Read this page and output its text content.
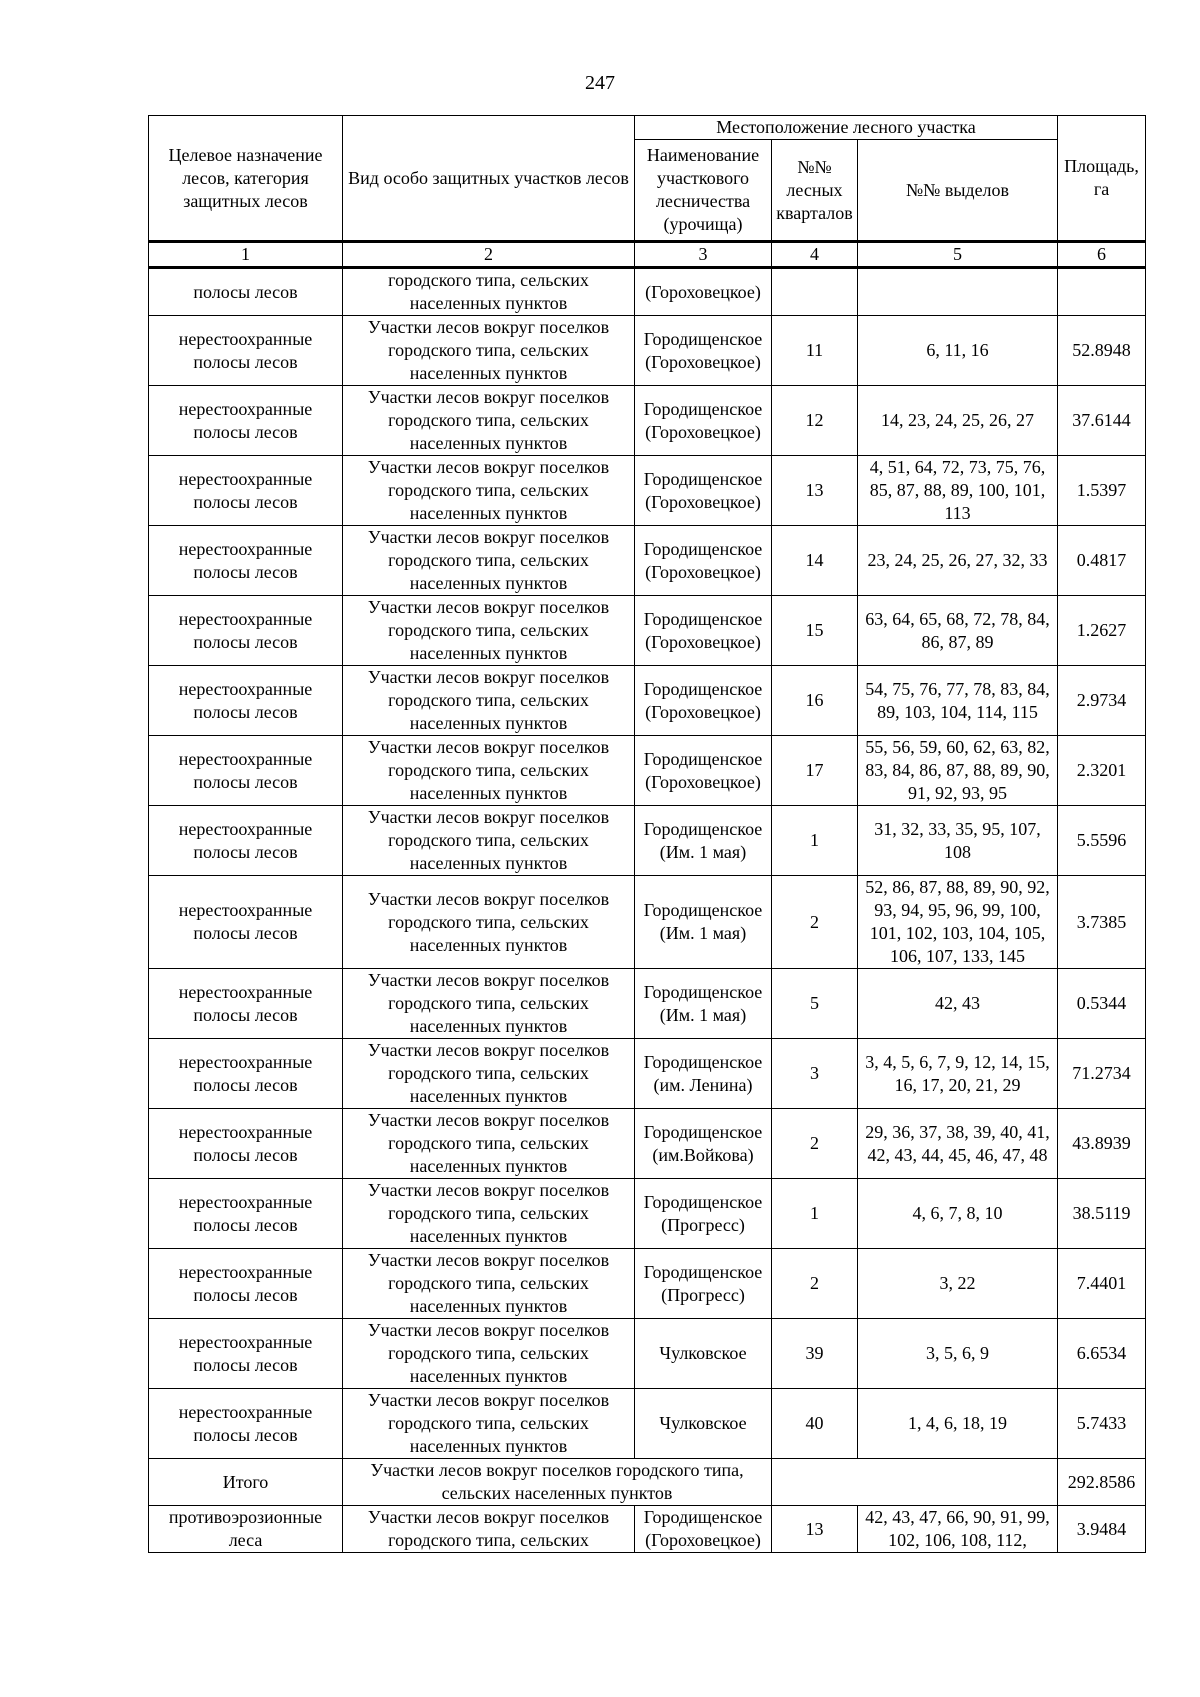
247
Целевое назначение лесов, категория защитных лесов	Вид особо защитных участков лесов	Местоположение лесного участка			Площадь, га
		Наименование участкового лесничества (урочища)	№№ лесных кварталов	№№ выделов	
1	2	3	4	5	6
полосы лесов	городского типа, сельских населенных пунктов	(Гороховецкое)			
нерестоохранные полосы лесов	Участки лесов вокруг поселков городского типа, сельских населенных пунктов	Городищенское (Гороховецкое)	11	6, 11, 16	52.8948
нерестоохранные полосы лесов	Участки лесов вокруг поселков городского типа, сельских населенных пунктов	Городищенское (Гороховецкое)	12	14, 23, 24, 25, 26, 27	37.6144
нерестоохранные полосы лесов	Участки лесов вокруг поселков городского типа, сельских населенных пунктов	Городищенское (Гороховецкое)	13	4, 51, 64, 72, 73, 75, 76, 85, 87, 88, 89, 100, 101, 113	1.5397
нерестоохранные полосы лесов	Участки лесов вокруг поселков городского типа, сельских населенных пунктов	Городищенское (Гороховецкое)	14	23, 24, 25, 26, 27, 32, 33	0.4817
нерестоохранные полосы лесов	Участки лесов вокруг поселков городского типа, сельских населенных пунктов	Городищенское (Гороховецкое)	15	63, 64, 65, 68, 72, 78, 84, 86, 87, 89	1.2627
нерестоохранные полосы лесов	Участки лесов вокруг поселков городского типа, сельских населенных пунктов	Городищенское (Гороховецкое)	16	54, 75, 76, 77, 78, 83, 84, 89, 103, 104, 114, 115	2.9734
нерестоохранные полосы лесов	Участки лесов вокруг поселков городского типа, сельских населенных пунктов	Городищенское (Гороховецкое)	17	55, 56, 59, 60, 62, 63, 82, 83, 84, 86, 87, 88, 89, 90, 91, 92, 93, 95	2.3201
нерестоохранные полосы лесов	Участки лесов вокруг поселков городского типа, сельских населенных пунктов	Городищенское (Им. 1 мая)	1	31, 32, 33, 35, 95, 107, 108	5.5596
нерестоохранные полосы лесов	Участки лесов вокруг поселков городского типа, сельских населенных пунктов	Городищенское (Им. 1 мая)	2	52, 86, 87, 88, 89, 90, 92, 93, 94, 95, 96, 99, 100, 101, 102, 103, 104, 105, 106, 107, 133, 145	3.7385
нерестоохранные полосы лесов	Участки лесов вокруг поселков городского типа, сельских населенных пунктов	Городищенское (Им. 1 мая)	5	42, 43	0.5344
нерестоохранные полосы лесов	Участки лесов вокруг поселков городского типа, сельских населенных пунктов	Городищенское (им. Ленина)	3	3, 4, 5, 6, 7, 9, 12, 14, 15, 16, 17, 20, 21, 29	71.2734
нерестоохранные полосы лесов	Участки лесов вокруг поселков городского типа, сельских населенных пунктов	Городищенское (им.Войкова)	2	29, 36, 37, 38, 39, 40, 41, 42, 43, 44, 45, 46, 47, 48	43.8939
нерестоохранные полосы лесов	Участки лесов вокруг поселков городского типа, сельских населенных пунктов	Городищенское (Прогресс)	1	4, 6, 7, 8, 10	38.5119
нерестоохранные полосы лесов	Участки лесов вокруг поселков городского типа, сельских населенных пунктов	Городищенское (Прогресс)	2	3, 22	7.4401
нерестоохранные полосы лесов	Участки лесов вокруг поселков городского типа, сельских населенных пунктов	Чулковское	39	3, 5, 6, 9	6.6534
нерестоохранные полосы лесов	Участки лесов вокруг поселков городского типа, сельских населенных пунктов	Чулковское	40	1, 4, 6, 18, 19	5.7433
Итого	Участки лесов вокруг поселков городского типа, сельских населенных пунктов				292.8586
противоэрозионные леса	Участки лесов вокруг поселков городского типа, сельских	Городищенское (Гороховецкое)	13	42, 43, 47, 66, 90, 91, 99, 102, 106, 108, 112,	3.9484
